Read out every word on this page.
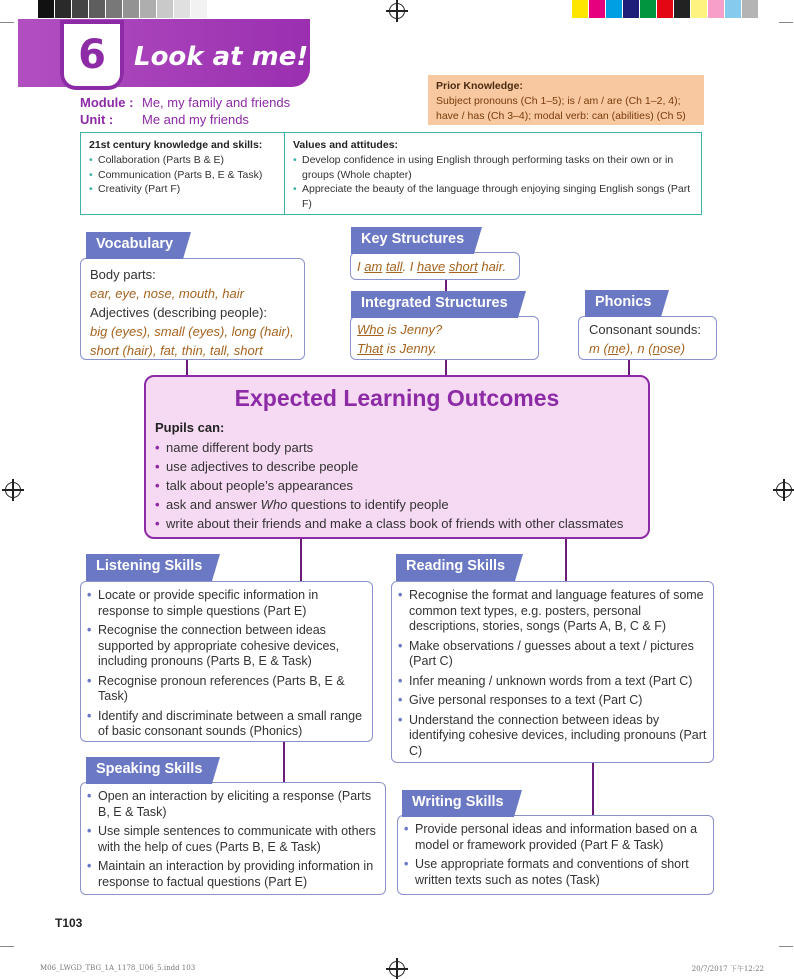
6 Look at me!
Module : Me, my family and friends
Unit : Me and my friends
Prior Knowledge:
Subject pronouns (Ch 1–5); is / am / are (Ch 1–2, 4);
have / has (Ch 3–4); modal verb: can (abilities) (Ch 5)
21st century knowledge and skills:
• Collaboration (Parts B & E)
• Communication (Parts B, E & Task)
• Creativity (Part F)
Values and attitudes:
• Develop confidence in using English through performing tasks on their own or in groups (Whole chapter)
• Appreciate the beauty of the language through enjoying singing English songs (Part F)

Body parts:

ear, eye, nose, mouth, hair

Adjectives (describing people):

big (eyes), small (eyes), long (hair),

short (hair), fat, thin, tall, short

Vocabulary

I am tall. I have short hair.

Key Structures

Who is Jenny?

That is Jenny.

Integrated Structures

Consonant sounds:

m (me), n (nose)

Phonics
Expected Learning Outcomes
Pupils can:
• name different body parts
• use adjectives to describe people
• talk about people’s appearances
• ask and answer Who questions to identify people
• write about their friends and make a class book of friends with other classmates
• Locate or provide specific information in response to simple questions (Part E)
• Recognise the connection between ideas supported by appropriate cohesive devices, including pronouns (Parts B, E & Task)
• Recognise pronoun references (Parts B, E & Task)
• Identify and discriminate between a small range of basic consonant sounds (Phonics)
Listening Skills
• Recognise the format and language features of some common text types, e.g. posters, personal descriptions, stories, songs (Parts A, B, C & F)
• Make observations / guesses about a text / pictures (Part C)
• Infer meaning / unknown words from a text (Part C)
• Give personal responses to a text (Part C)
• Understand the connection between ideas by identifying cohesive devices, including pronouns (Part C)
Reading Skills
• Open an interaction by eliciting a response (Parts B, E & Task)
• Use simple sentences to communicate with others with the help of cues (Parts B, E & Task)
• Maintain an interaction by providing information in response to factual questions (Part E)
Speaking Skills
• Provide personal ideas and information based on a model or framework provided (Part F & Task)
• Use appropriate formats and conventions of short written texts such as notes (Task)
Writing Skills
T103
M06_LWGD_TBG_1A_1178_U06_5.indd 103	20/7/2017 下午12:22
